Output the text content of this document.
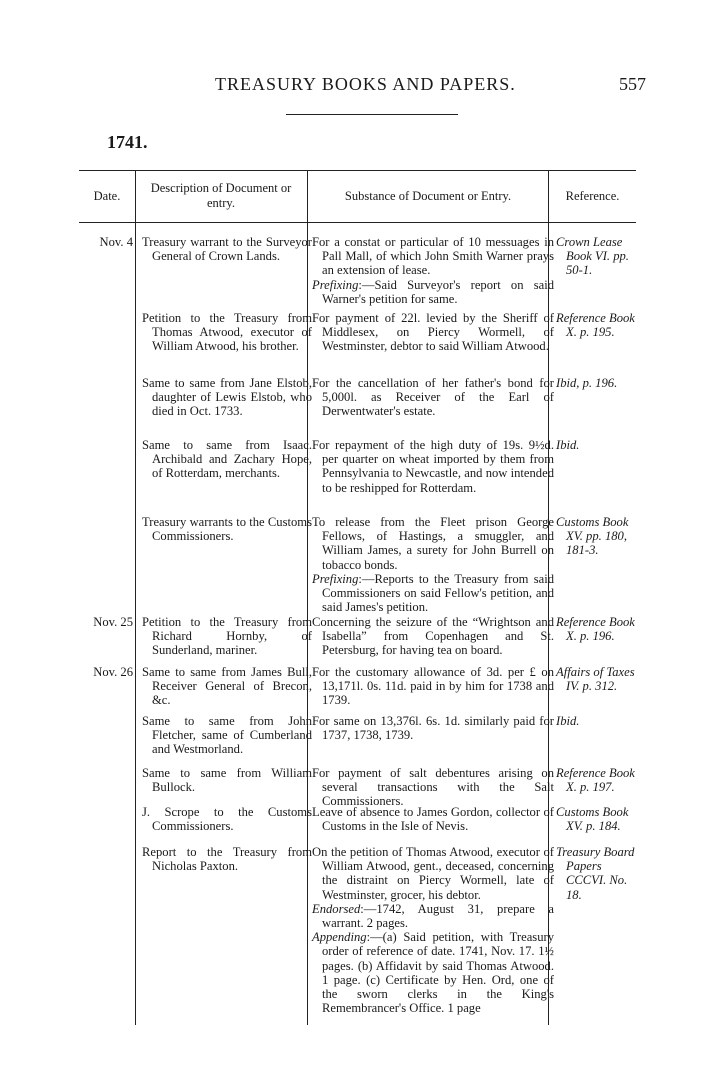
TREASURY BOOKS AND PAPERS.	557
1741.
Date.
Description of Document or entry.
Substance of Document or Entry.	Reference.
Nov. 4 Treasury warrant to the Surveyor General of Crown Lands.

For a constat or particular of 10 messuages in Pall Mall, of which John Smith Warner prays an extension of lease.

Prefixing:—Said Surveyor's report on said Warner's petition for same.

Crown Lease Book VI. pp. 50-1.
Petition to the Treasury from Thomas Atwood, executor of William Atwood, his brother.
For payment of 22l. levied by the Sheriff of Middlesex, on Piercy Wormell, of Westminster, debtor to said William Atwood.
Reference Book X. p. 195.
Same to same from Jane Elstob, daughter of Lewis Elstob, who died in Oct. 1733.
For the cancellation of her father's bond for 5,000l. as Receiver of the Earl of Derwentwater's estate.
Ibid, p. 196.
Same to same from Isaac. Archibald and Zachary Hope, of Rotterdam, merchants.
For repayment of the high duty of 19s. 9½d. per quarter on wheat imported by them from Pennsylvania to Newcastle, and now intended to be reshipped for Rotterdam.
Ibid.
Treasury warrants to the Customs Commissioners.

To release from the Fleet prison George Fellows, of Hastings, a smuggler, and William James, a surety for John Burrell on tobacco bonds.

Prefixing:—Reports to the Treasury from said Commissioners on said Fellow's petition, and said James's petition.

Customs Book XV. pp. 180, 181-3.
Nov. 25 Petition to the Treasury from Richard Hornby, of Sunderland, mariner.
Concerning the seizure of the “Wrightson and Isabella” from Copenhagen and St. Petersburg, for having tea on board.
Reference Book X. p. 196.
Nov. 26 Same to same from James Bull, Receiver General of Brecon, &c.
For the customary allowance of 3d. per £ on 13,171l. 0s. 11d. paid in by him for 1738 and 1739.
Affairs of Taxes IV. p. 312.
Same to same from John Fletcher, same of Cumberland and Westmorland.
For same on 13,376l. 6s. 1d. similarly paid for 1737, 1738, 1739.
Ibid.
Same to same from William Bullock.
For payment of salt debentures arising on several transactions with the Salt Commissioners.
Reference Book X. p. 197.
J. Scrope to the Customs Commissioners.
Leave of absence to James Gordon, collector of Customs in the Isle of Nevis.
Customs Book XV. p. 184.
Report to the Treasury from Nicholas Paxton.

On the petition of Thomas Atwood, executor of William Atwood, gent., deceased, concerning the distraint on Piercy Wormell, late of Westminster, grocer, his debtor.

Endorsed:—1742, August 31, prepare a warrant. 2 pages.

Appending:—(a) Said petition, with Treasury order of reference of date. 1741, Nov. 17. 1½ pages. (b) Affidavit by said Thomas Atwood. 1 page. (c) Certificate by Hen. Ord, one of the sworn clerks in the King's Remembrancer's Office. 1 page

Treasury Board Papers CCCVI. No. 18.
